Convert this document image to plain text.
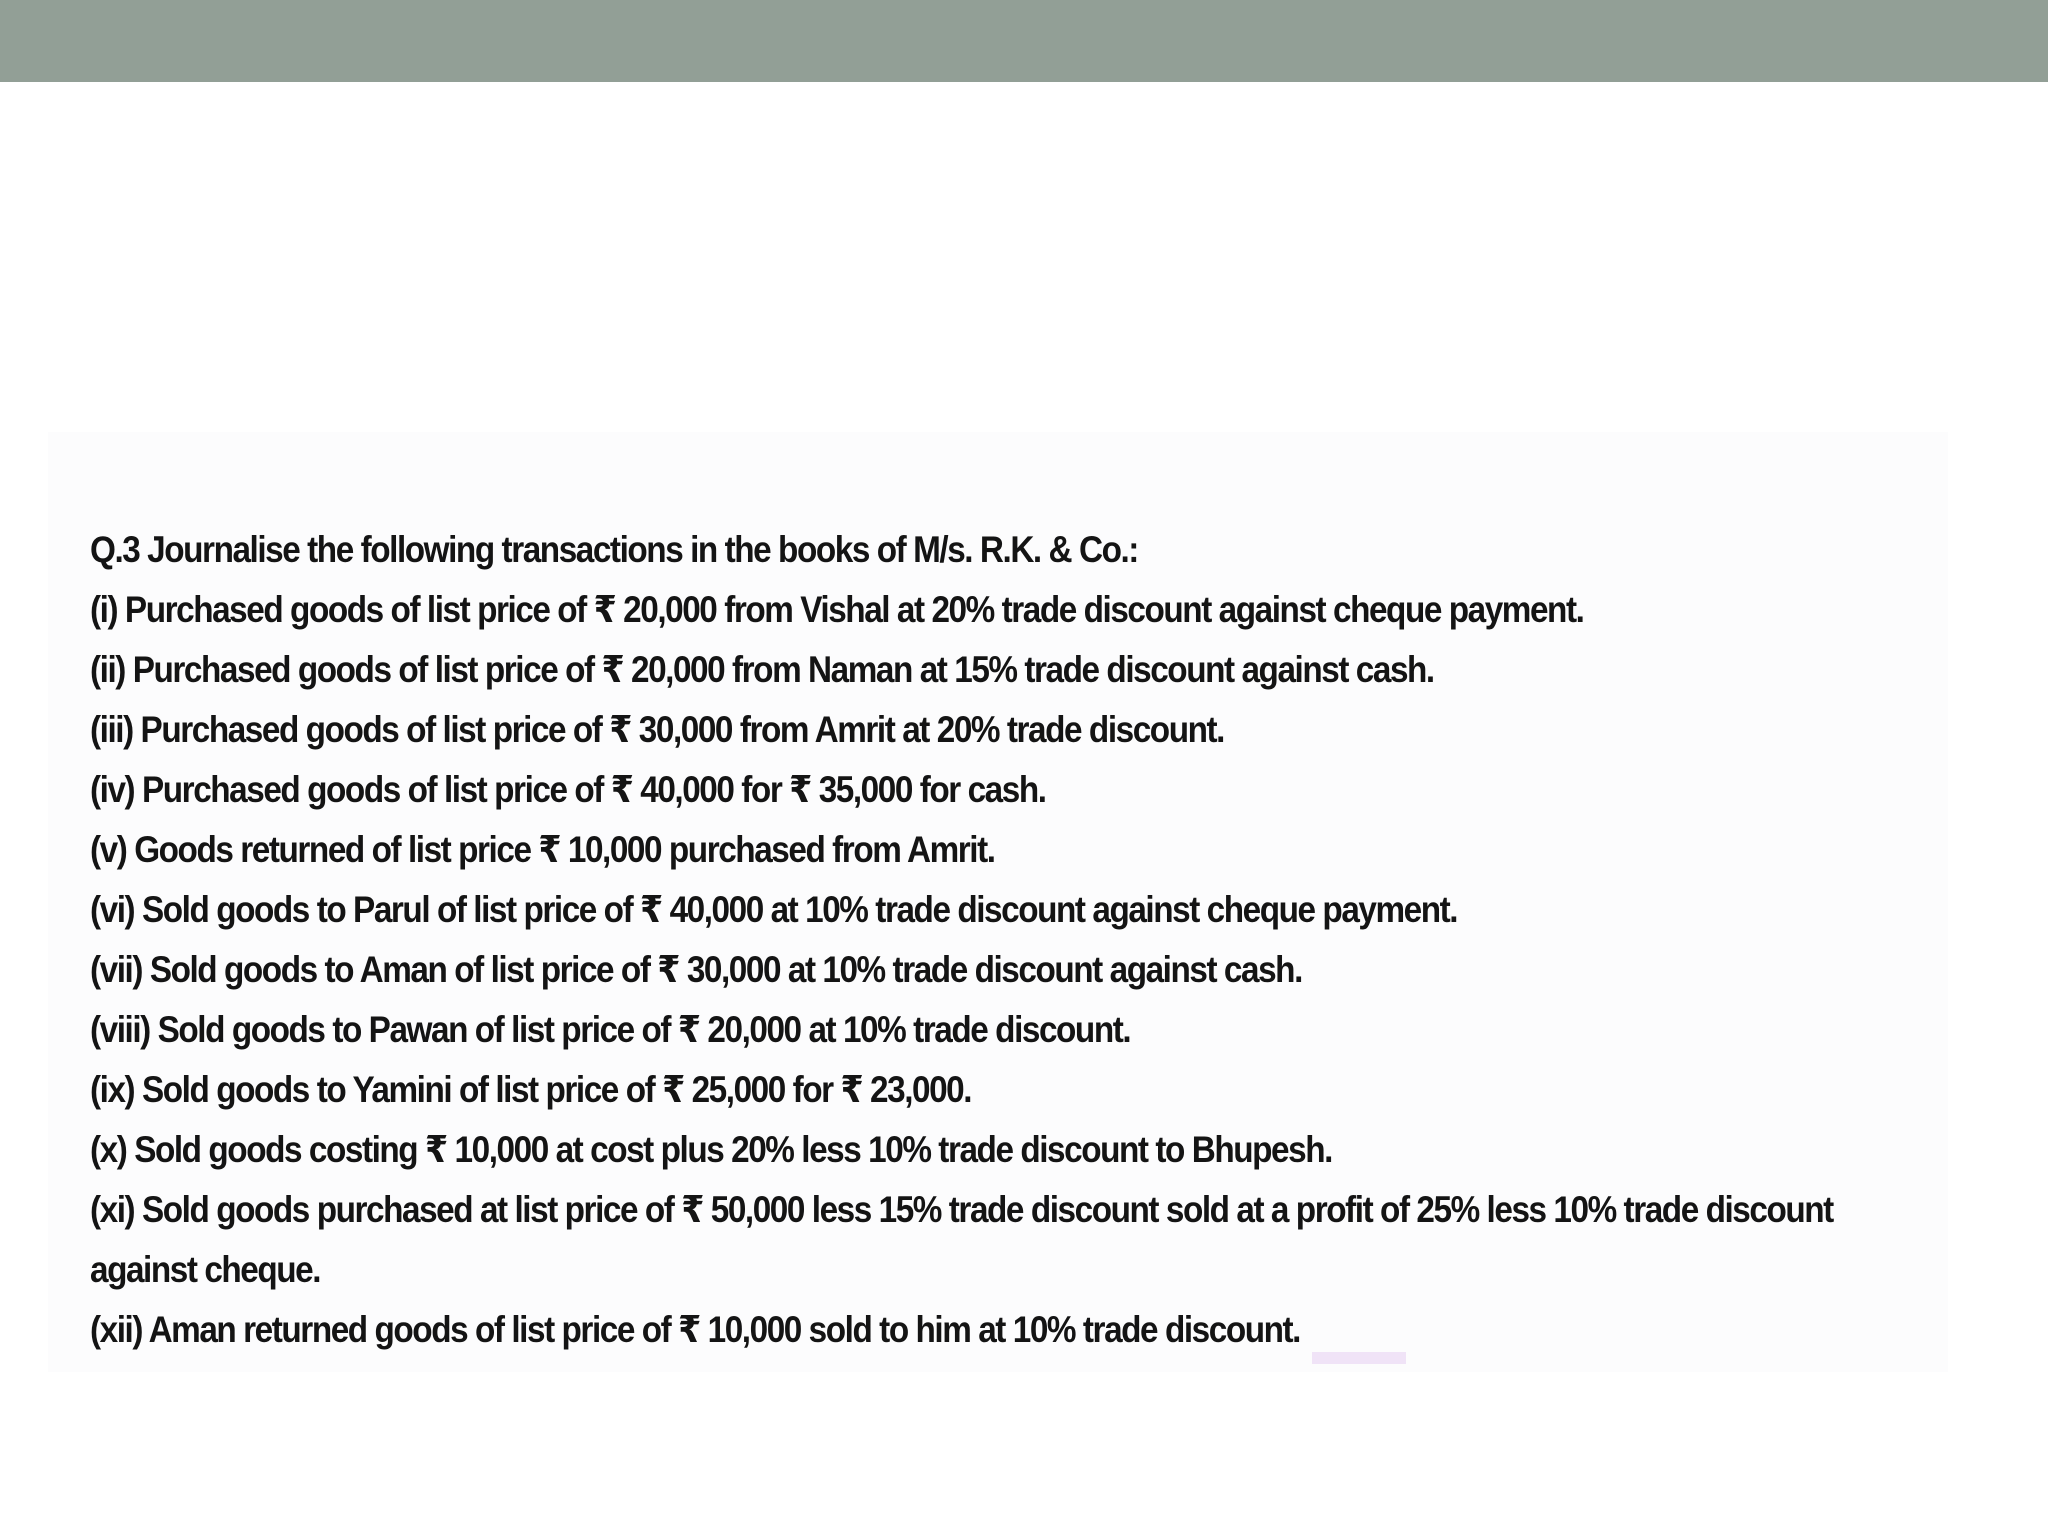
Q.3 Journalise the following transactions in the books of M/s. R.K. & Co.:
(i) Purchased goods of list price of ₹ 20,000 from Vishal at 20% trade discount against cheque payment.
(ii) Purchased goods of list price of ₹ 20,000 from Naman at 15% trade discount against cash.
(iii) Purchased goods of list price of ₹ 30,000 from Amrit at 20% trade discount.
(iv) Purchased goods of list price of ₹ 40,000 for ₹ 35,000 for cash.
(v) Goods returned of list price ₹ 10,000 purchased from Amrit.
(vi) Sold goods to Parul of list price of ₹ 40,000 at 10% trade discount against cheque payment.
(vii) Sold goods to Aman of list price of ₹ 30,000 at 10% trade discount against cash.
(viii) Sold goods to Pawan of list price of ₹ 20,000 at 10% trade discount.
(ix) Sold goods to Yamini of list price of ₹ 25,000 for ₹ 23,000.
(x) Sold goods costing ₹ 10,000 at cost plus 20% less 10% trade discount to Bhupesh.
(xi) Sold goods purchased at list price of ₹ 50,000 less 15% trade discount sold at a profit of 25% less 10% trade discount against cheque.
(xii) Aman returned goods of list price of ₹ 10,000 sold to him at 10% trade discount.
